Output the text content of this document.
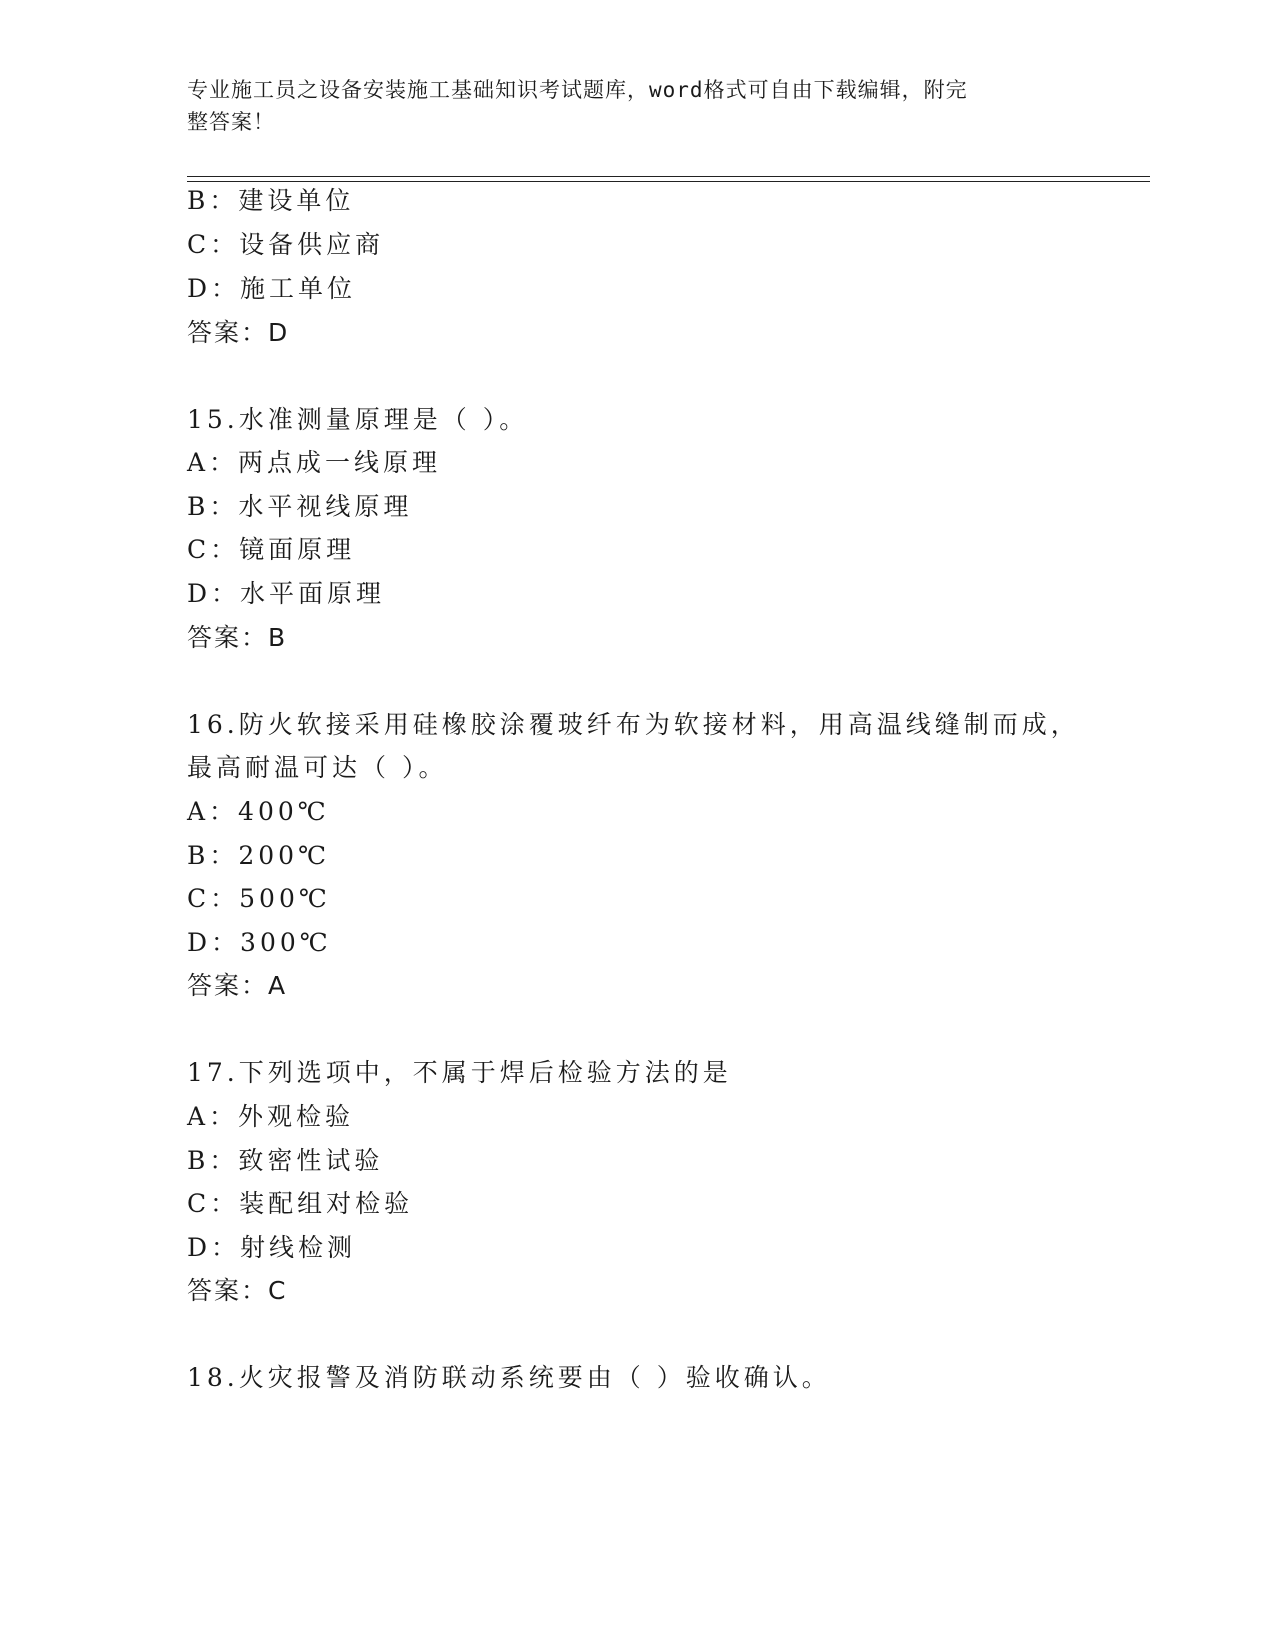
专业施工员之设备安装施工基础知识考试题库，word格式可自由下载编辑，附完
整答案！
B：建设单位
C：设备供应商
D：施工单位
答案：D
15.水准测量原理是（ ）。
A：两点成一线原理
B：水平视线原理
C：镜面原理
D：水平面原理
答案：B
16.防火软接采用硅橡胶涂覆玻纤布为软接材料，用高温线缝制而成，
最高耐温可达（ ）。
A：400℃
B：200℃
C：500℃
D：300℃
答案：A
17.下列选项中，不属于焊后检验方法的是
A：外观检验
B：致密性试验
C：装配组对检验
D：射线检测
答案：C
18.火灾报警及消防联动系统要由（ ）验收确认。
